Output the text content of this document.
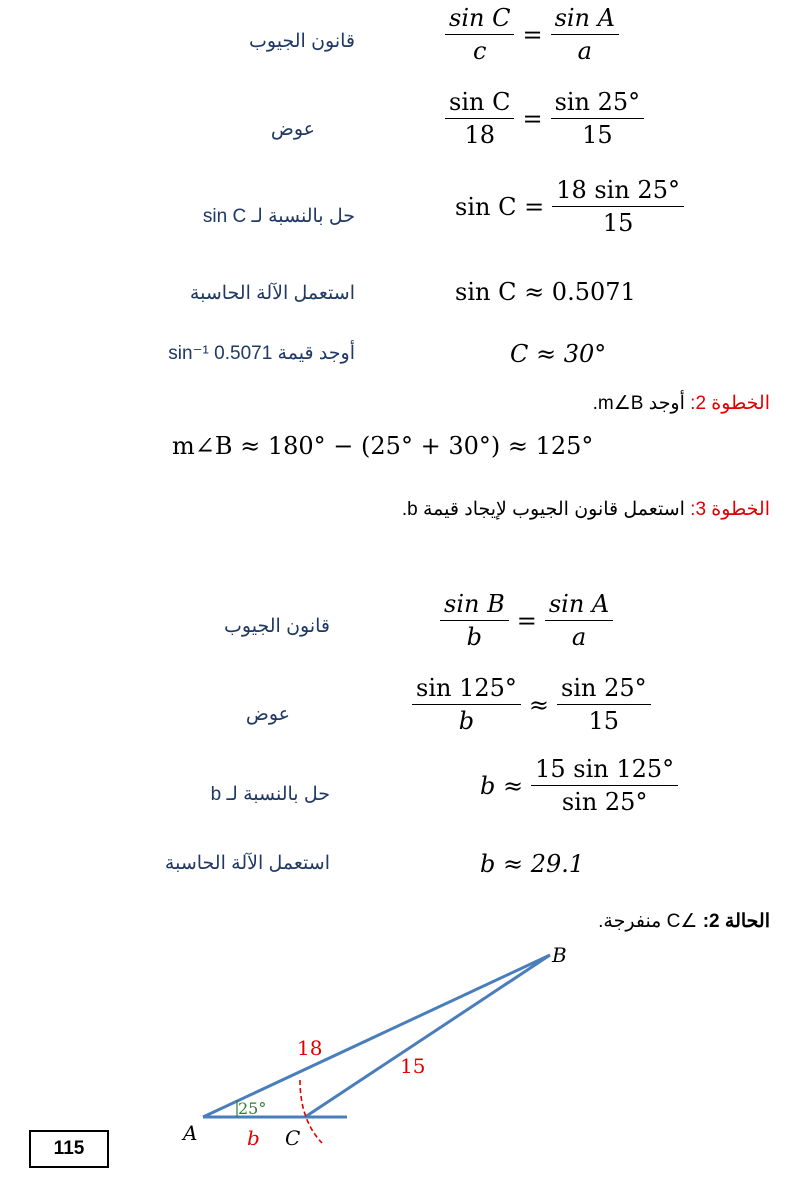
قانون الجيوب	$\frac{\text{sin C}}{c} = \frac{\text{sin A}}{a}$
عوض	$\frac{\text{sin C}}{18} = \frac{\sin 25^\circ}{15}$
حل بالنسبة لـ sin C	$\sin C = \frac{18 \sin 25^\circ}{15}$
استعمل الآلة الحاسبة	sin C ≈ 0.5071
أوجد قيمة sin⁻¹ 0.5071	C ≈ 30°
الخطوة 2: أوجد m∠B.
m∠B ≈ 180° − (25° + 30°) ≈ 125°
الخطوة 3: استعمل قانون الجيوب لإيجاد قيمة b.
قانون الجيوب	$\frac{\text{sin B}}{b} = \frac{\text{sin A}}{a}$
عوض	$\frac{\sin 125^\circ}{b} \approx \frac{\sin 25^\circ}{15}$
حل بالنسبة لـ b	$b \approx \frac{15 \sin 125^\circ}{\sin 25^\circ}$
استعمل الآلة الحاسبة	b ≈ 29.1
الحالة 2: ∠C منفرجة.
B
A	C
b
18
15
25°
115
